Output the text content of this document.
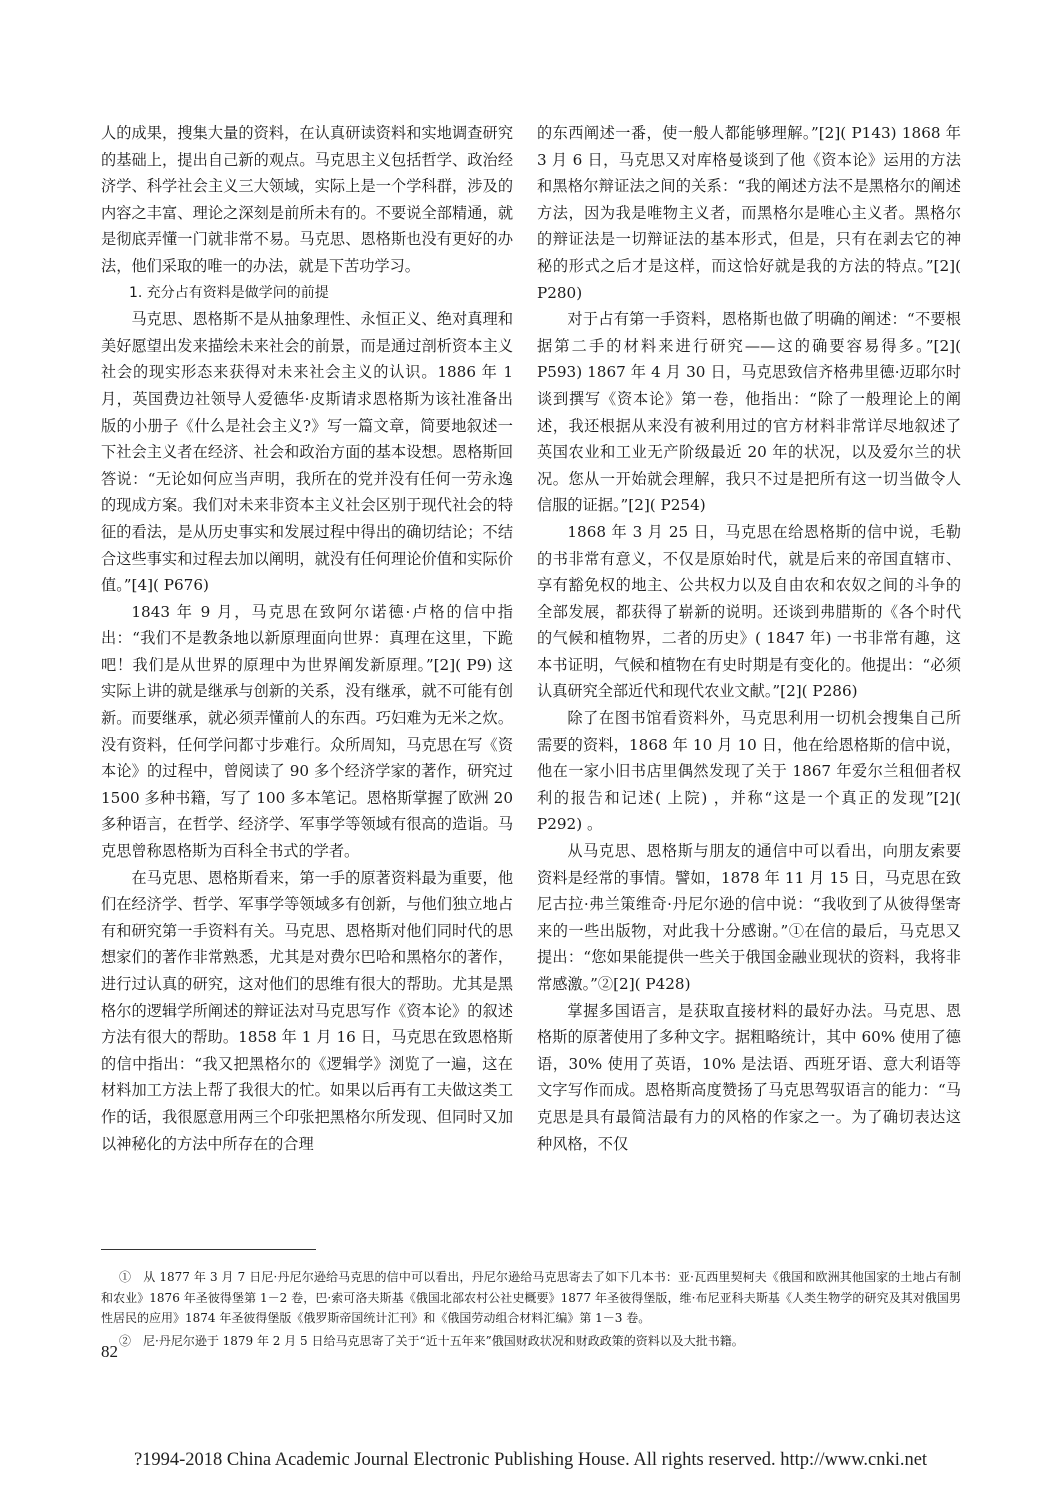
人的成果，搜集大量的资料，在认真研读资料和实地调查研究的基础上，提出自己新的观点。马克思主义包括哲学、政治经济学、科学社会主义三大领域，实际上是一个学科群，涉及的内容之丰富、理论之深刻是前所未有的。不要说全部精通，就是彻底弄懂一门就非常不易。马克思、恩格斯也没有更好的办法，他们采取的唯一的办法，就是下苦功学习。

1. 充分占有资料是做学问的前提

马克思、恩格斯不是从抽象理性、永恒正义、绝对真理和美好愿望出发来描绘未来社会的前景，而是通过剖析资本主义社会的现实形态来获得对未来社会主义的认识。1886 年 1 月，英国费边社领导人爱德华·皮斯请求恩格斯为该社准备出版的小册子《什么是社会主义?》写一篇文章，简要地叙述一下社会主义者在经济、社会和政治方面的基本设想。恩格斯回答说：“无论如何应当声明，我所在的党并没有任何一劳永逸的现成方案。我们对未来非资本主义社会区别于现代社会的特征的看法，是从历史事实和发展过程中得出的确切结论；不结合这些事实和过程去加以阐明，就没有任何理论价值和实际价值。”[4]( P676)

1843 年 9 月，马克思在致阿尔诺德·卢格的信中指出：“我们不是教条地以新原理面向世界：真理在这里，下跪吧！我们是从世界的原理中为世界阐发新原理。”[2]( P9) 这实际上讲的就是继承与创新的关系，没有继承，就不可能有创新。而要继承，就必须弄懂前人的东西。巧妇难为无米之炊。没有资料，任何学问都寸步难行。众所周知，马克思在写《资本论》的过程中，曾阅读了 90 多个经济学家的著作，研究过 1500 多种书籍，写了 100 多本笔记。恩格斯掌握了欧洲 20 多种语言，在哲学、经济学、军事学等领域有很高的造诣。马克思曾称恩格斯为百科全书式的学者。

在马克思、恩格斯看来，第一手的原著资料最为重要，他们在经济学、哲学、军事学等领域多有创新，与他们独立地占有和研究第一手资料有关。马克思、恩格斯对他们同时代的思想家们的著作非常熟悉，尤其是对费尔巴哈和黑格尔的著作，进行过认真的研究，这对他们的思维有很大的帮助。尤其是黑格尔的逻辑学所阐述的辩证法对马克思写作《资本论》的叙述方法有很大的帮助。1858 年 1 月 16 日，马克思在致恩格斯的信中指出：“我又把黑格尔的《逻辑学》浏览了一遍，这在材料加工方法上帮了我很大的忙。如果以后再有工夫做这类工作的话，我很愿意用两三个印张把黑格尔所发现、但同时又加以神秘化的方法中所存在的合理

的东西阐述一番，使一般人都能够理解。”[2]( P143) 1868 年 3 月 6 日，马克思又对库格曼谈到了他《资本论》运用的方法和黑格尔辩证法之间的关系：“我的阐述方法不是黑格尔的阐述方法，因为我是唯物主义者，而黑格尔是唯心主义者。黑格尔的辩证法是一切辩证法的基本形式，但是，只有在剥去它的神秘的形式之后才是这样，而这恰好就是我的方法的特点。”[2]( P280)

对于占有第一手资料，恩格斯也做了明确的阐述：“不要根据第二手的材料来进行研究——这的确要容易得多。”[2]( P593) 1867 年 4 月 30 日，马克思致信齐格弗里德·迈耶尔时谈到撰写《资本论》第一卷，他指出：“除了一般理论上的阐述，我还根据从来没有被利用过的官方材料非常详尽地叙述了英国农业和工业无产阶级最近 20 年的状况，以及爱尔兰的状况。您从一开始就会理解，我只不过是把所有这一切当做令人信服的证据。”[2]( P254)

1868 年 3 月 25 日，马克思在给恩格斯的信中说，毛勒的书非常有意义，不仅是原始时代，就是后来的帝国直辖市、享有豁免权的地主、公共权力以及自由农和农奴之间的斗争的全部发展，都获得了崭新的说明。还谈到弗腊斯的《各个时代的气候和植物界，二者的历史》( 1847 年) 一书非常有趣，这本书证明，气候和植物在有史时期是有变化的。他提出：“必须认真研究全部近代和现代农业文献。”[2]( P286)

除了在图书馆看资料外，马克思利用一切机会搜集自己所需要的资料，1868 年 10 月 10 日，他在给恩格斯的信中说，他在一家小旧书店里偶然发现了关于 1867 年爱尔兰租佃者权利的报告和记述( 上院) ，并称“这是一个真正的发现”[2]( P292) 。

从马克思、恩格斯与朋友的通信中可以看出，向朋友索要资料是经常的事情。譬如，1878 年 11 月 15 日，马克思在致尼古拉·弗兰策维奇·丹尼尔逊的信中说：“我收到了从彼得堡寄来的一些出版物，对此我十分感谢。”①在信的最后，马克思又提出：“您如果能提供一些关于俄国金融业现状的资料，我将非常感激。”②[2]( P428)

掌握多国语言，是获取直接材料的最好办法。马克思、恩格斯的原著使用了多种文字。据粗略统计，其中 60% 使用了德语，30% 使用了英语，10% 是法语、西班牙语、意大利语等文字写作而成。恩格斯高度赞扬了马克思驾驭语言的能力：“马克思是具有最简洁最有力的风格的作家之一。为了确切表达这种风格，不仅

①　从 1877 年 3 月 7 日尼·丹尼尔逊给马克思的信中可以看出，丹尼尔逊给马克思寄去了如下几本书：亚·瓦西里契柯夫《俄国和欧洲其他国家的土地占有制和农业》1876 年圣彼得堡第 1－2 卷，巴·索可洛夫斯基《俄国北部农村公社史概要》1877 年圣彼得堡版，维·布尼亚科夫斯基《人类生物学的研究及其对俄国男性居民的应用》1874 年圣彼得堡版《俄罗斯帝国统计汇刊》和《俄国劳动组合材料汇编》第 1－3 卷。

②　尼·丹尼尔逊于 1879 年 2 月 5 日给马克思寄了关于“近十五年来”俄国财政状况和财政政策的资料以及大批书籍。

82
?1994-2018 China Academic Journal Electronic Publishing House. All rights reserved. http://www.cnki.net
